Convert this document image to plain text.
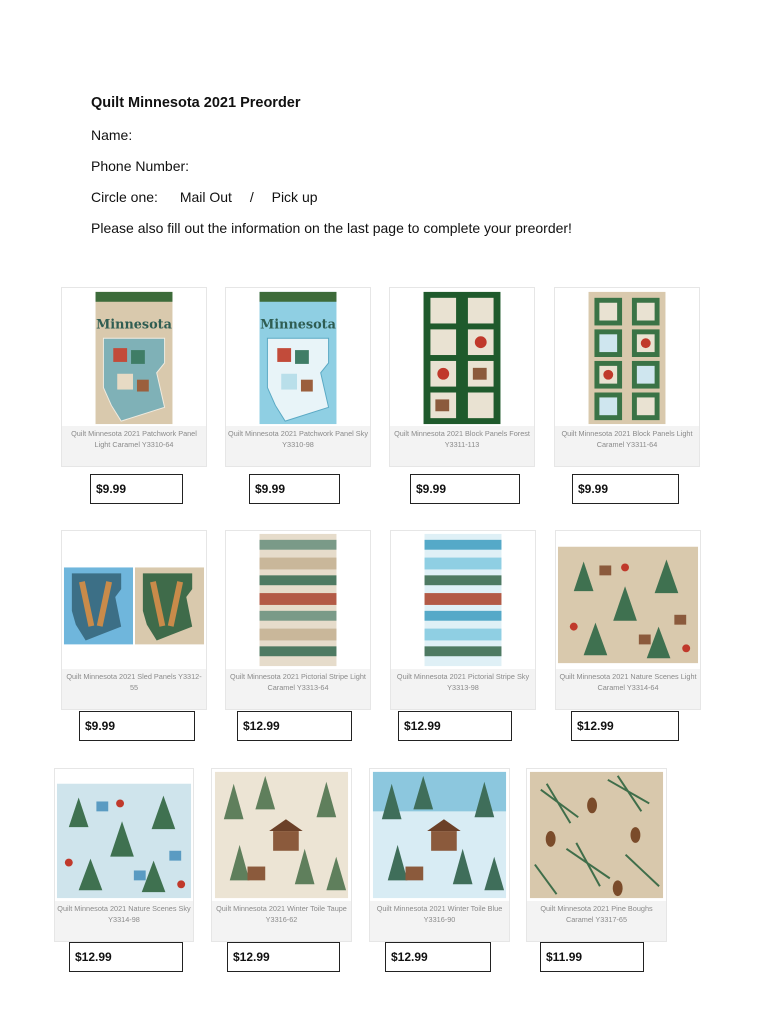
Quilt Minnesota 2021 Preorder
Name:
Phone Number:
Circle one: Mail Out / Pick up
Please also fill out the information on the last page to complete your preorder!
Minnesota
Quilt Minnesota 2021 Patchwork Panel Light Caramel Y3310-64
$9.99
Minnesota
Quilt Minnesota 2021 Patchwork Panel Sky Y3310-98
$9.99
Quilt Minnesota 2021 Block Panels Forest Y3311-113
$9.99
Quilt Minnesota 2021 Block Panels Light Caramel Y3311-64
$9.99
Quilt Minnesota 2021 Sled Panels Y3312-55
$9.99
Quilt Minnesota 2021 Pictorial Stripe Light Caramel Y3313-64
$12.99
Quilt Minnesota 2021 Pictorial Stripe Sky Y3313-98
$12.99
Quilt Minnesota 2021 Nature Scenes Light Caramel Y3314-64
$12.99
Quilt Minnesota 2021 Nature Scenes Sky Y3314-98
$12.99
Quilt Minnesota 2021 Winter Toile Taupe Y3316-62
$12.99
Quilt Minnesota 2021 Winter Toile Blue Y3316-90
$12.99
Quilt Minnesota 2021 Pine Boughs Caramel Y3317-65
$11.99
